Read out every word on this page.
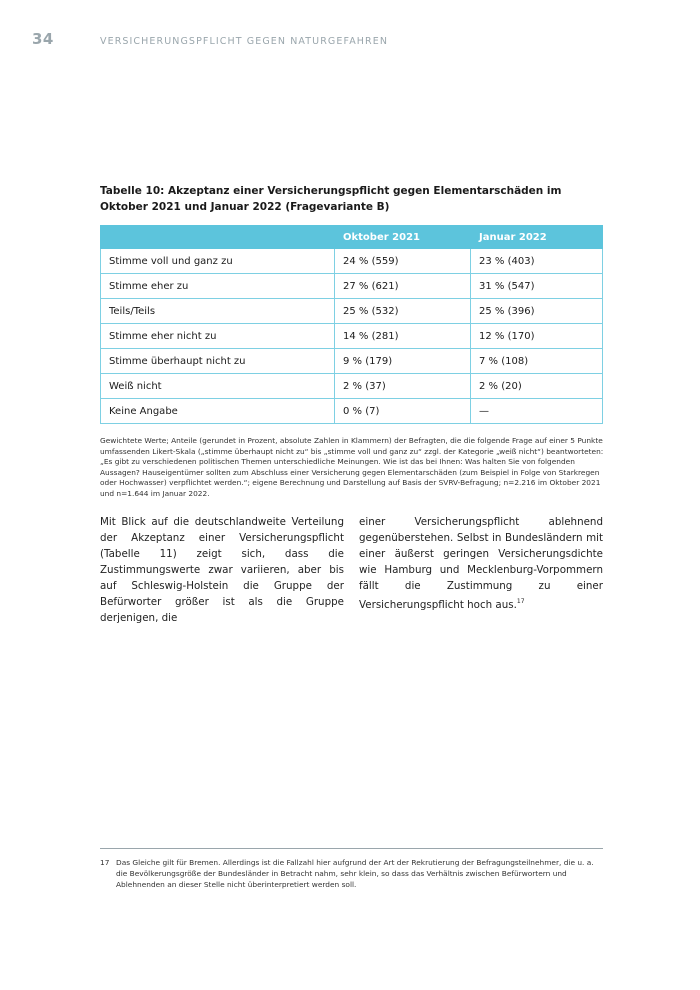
34	VERSICHERUNGSPFLICHT GEGEN NATURGEFAHREN
Tabelle 10: Akzeptanz einer Versicherungspflicht gegen Elementarschäden im Oktober 2021 und Januar 2022 (Fragevariante B)
	Oktober 2021	Januar 2022
Stimme voll und ganz zu	24 % (559)	23 % (403)
Stimme eher zu	27 % (621)	31 % (547)
Teils/Teils	25 % (532)	25 % (396)
Stimme eher nicht zu	14 % (281)	12 % (170)
Stimme überhaupt nicht zu	9 % (179)	7 % (108)
Weiß nicht	2 % (37)	2 % (20)
Keine Angabe	0 % (7)	—
Gewichtete Werte; Anteile (gerundet in Prozent, absolute Zahlen in Klammern) der Befragten, die die folgende Frage auf einer 5 Punkte umfassenden Likert-Skala („stimme überhaupt nicht zu“ bis „stimme voll und ganz zu“ zzgl. der Kategorie „weiß nicht“) beantworteten: „Es gibt zu verschiedenen politischen Themen unterschiedliche Meinungen. Wie ist das bei Ihnen: Was halten Sie von folgenden Aussagen? Hauseigentümer sollten zum Abschluss einer Versicherung gegen Elementarschäden (zum Beispiel in Folge von Starkregen oder Hochwasser) verpflichtet werden.“; eigene Berechnung und Darstellung auf Basis der SVRV-Befragung; n=2.216 im Oktober 2021 und n=1.644 im Januar 2022.
Mit Blick auf die deutschlandweite Verteilung der Akzeptanz einer Versicherungspflicht (Tabelle 11) zeigt sich, dass die Zustimmungswerte zwar variieren, aber bis auf Schleswig-Holstein die Gruppe der Befürworter größer ist als die Gruppe derjenigen, die
einer Versicherungspflicht ablehnend gegenüberstehen. Selbst in Bundesländern mit einer äußerst geringen Versicherungsdichte wie Hamburg und Mecklenburg-Vorpommern fällt die Zustimmung zu einer Versicherungspflicht hoch aus.$^{17}$
17 Das Gleiche gilt für Bremen. Allerdings ist die Fallzahl hier aufgrund der Art der Rekrutierung der Befragungsteilnehmer, die u. a. die Bevölkerungsgröße der Bundesländer in Betracht nahm, sehr klein, so dass das Verhältnis zwischen Befürwortern und Ablehnenden an dieser Stelle nicht überinterpretiert werden soll.
